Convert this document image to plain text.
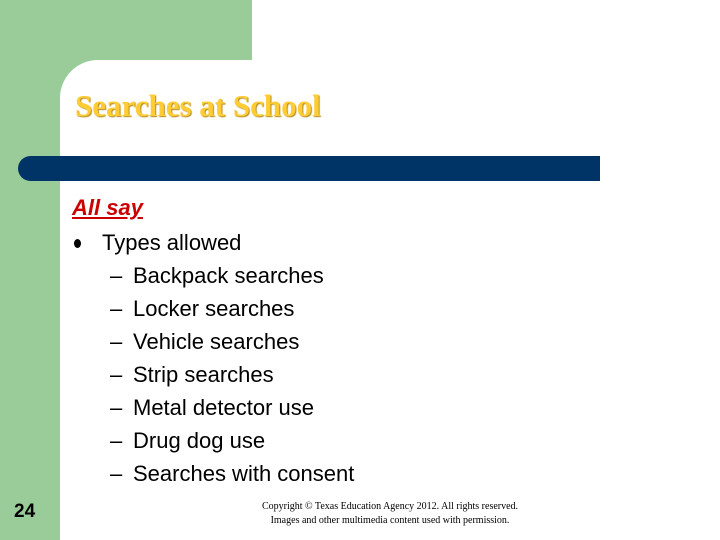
Searches at School
All say
Types allowed
– Backpack searches
– Locker searches
– Vehicle searches
– Strip searches
– Metal detector use
– Drug dog use
– Searches with consent
24	Copyright © Texas Education Agency 2012. All rights reserved.
Images and other multimedia content used with permission.
